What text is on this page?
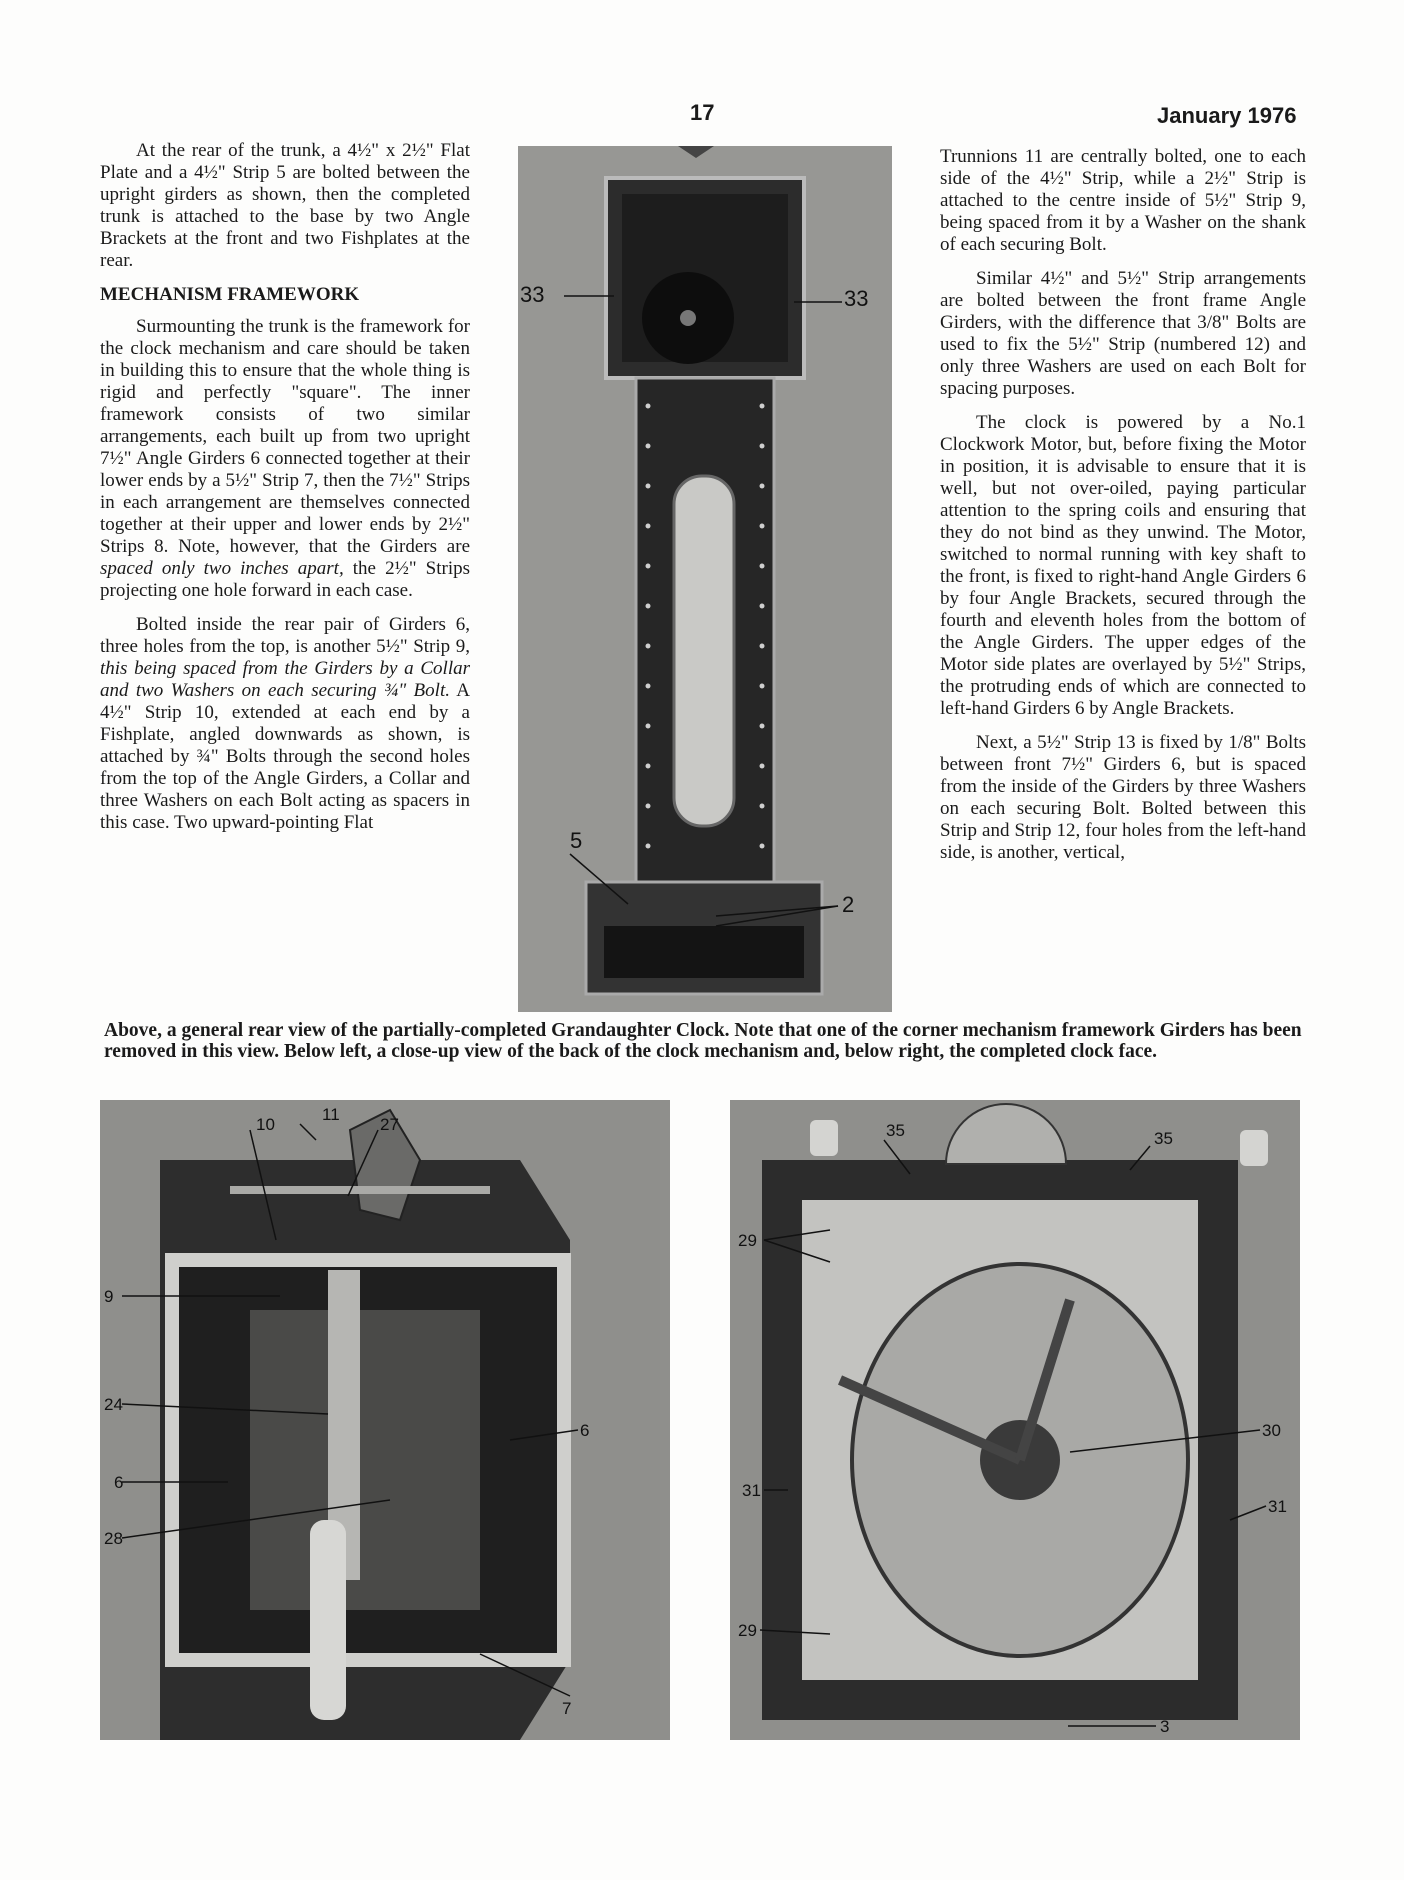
17	January 1976

At the rear of the trunk, a 4½" x 2½" Flat Plate and a 4½" Strip 5 are bolted between the upright girders as shown, then the completed trunk is attached to the base by two Angle Brackets at the front and two Fishplates at the rear.

MECHANISM FRAMEWORK

Surmounting the trunk is the framework for the clock mechanism and care should be taken in building this to ensure that the whole thing is rigid and perfectly "square". The inner framework consists of two similar arrangements, each built up from two upright 7½" Angle Girders 6 connected together at their lower ends by a 5½" Strip 7, then the 7½" Strips in each arrangement are themselves connected together at their upper and lower ends by 2½" Strips 8. Note, however, that the Girders are spaced only two inches apart, the 2½" Strips projecting one hole forward in each case.

Bolted inside the rear pair of Girders 6, three holes from the top, is another 5½" Strip 9, this being spaced from the Girders by a Collar and two Washers on each securing ¾" Bolt. A 4½" Strip 10, extended at each end by a Fishplate, angled downwards as shown, is attached by ¾" Bolts through the second holes from the top of the Angle Girders, a Collar and three Washers on each Bolt acting as spacers in this case. Two upward-pointing Flat

Trunnions 11 are centrally bolted, one to each side of the 4½" Strip, while a 2½" Strip is attached to the centre inside of 5½" Strip 9, being spaced from it by a Washer on the shank of each securing Bolt.

Similar 4½" and 5½" Strip arrangements are bolted between the front frame Angle Girders, with the difference that 3/8" Bolts are used to fix the 5½" Strip (numbered 12) and only three Washers are used on each Bolt for spacing purposes.

The clock is powered by a No.1 Clockwork Motor, but, before fixing the Motor in position, it is advisable to ensure that it is well, but not over-oiled, paying particular attention to the spring coils and ensuring that they do not bind as they unwind. The Motor, switched to normal running with key shaft to the front, is fixed to right-hand Angle Girders 6 by four Angle Brackets, secured through the fourth and eleventh holes from the bottom of the Angle Girders. The upper edges of the Motor side plates are overlayed by 5½" Strips, the protruding ends of which are connected to left-hand Girders 6 by Angle Brackets.

Next, a 5½" Strip 13 is fixed by 1/8" Bolts between front 7½" Girders 6, but is spaced from the inside of the Girders by three Washers on each securing Bolt. Bolted between this Strip and Strip 12, four holes from the left-hand side, is another, vertical,

33	33
5
2
Above, a general rear view of the partially-completed Grandaughter Clock. Note that one of the corner mechanism framework Girders has been removed in this view. Below left, a close-up view of the back of the clock mechanism and, below right, the completed clock face.
10
11
27
9
24
6
6
28
7
35	35
29
30
31
31
29
3
